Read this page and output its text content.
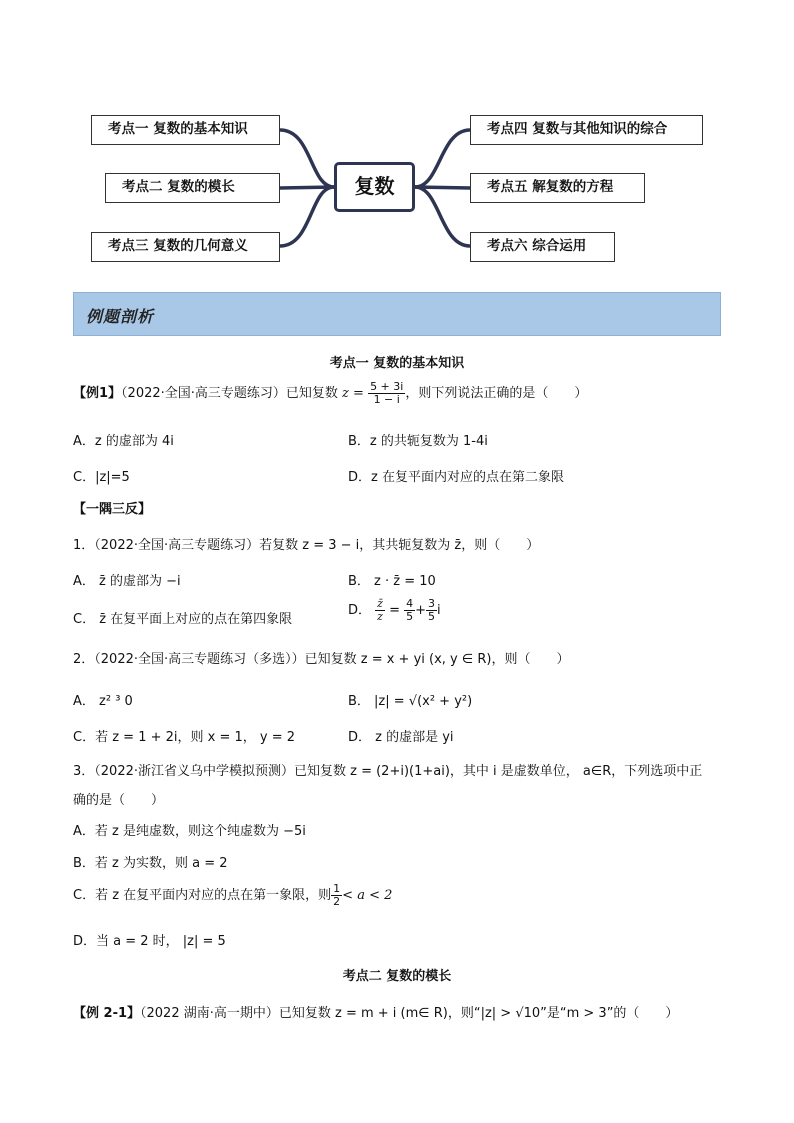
考点一 复数的基本知识
考点二 复数的模长
考点三 复数的几何意义
复数
考点四 复数与其他知识的综合
考点五 解复数的方程
考点六 综合运用
例题剖析
考点一 复数的基本知识
【例1】（2022·全国·高三专题练习）已知复数 $z = \frac{5 + 3i}{1 - i}$ ，则下列说法正确的是（　　）
A．z 的虚部为 4i	B．z 的共轭复数为 1-4i
C．|z|=5	D．z 在复平面内对应的点在第二象限
【一隅三反】
1．（2022·全国·高三专题练习）若复数 z = 3 − i，其共轭复数为 z̄，则（　　）
A． z̄ 的虚部为 −i	B． z · z̄ = 10
C． z̄ 在复平面上对应的点在第四象限
D． $\frac{z̄}{z} = \frac{4}{5} + \frac{3}{5}$ i
2．（2022·全国·高三专题练习（多选））已知复数 z = x + yi (x, y ∈ R)，则（　　）
A． z² ³ 0	B． |z| = √(x² + y²)
C．若 z = 1 + 2i，则 x = 1， y = 2	D． z 的虚部是 yi
3．（2022·浙江省义乌中学模拟预测）已知复数 z = (2+i)(1+ai)，其中 i 是虚数单位， a∈R，下列选项中正
确的是（　　）
A．若 z 是纯虚数，则这个纯虚数为 −5i
B．若 z 为实数，则 a = 2
C．若 z 在复平面内对应的点在第一象限，则 $\frac{1}{2} < a < 2$
D．当 a = 2 时， |z| = 5
考点二 复数的模长
【例 2-1】（2022 湖南·高一期中）已知复数 z = m + i (m∈ R)，则“|z| > √10”是“m > 3”的（　　）
